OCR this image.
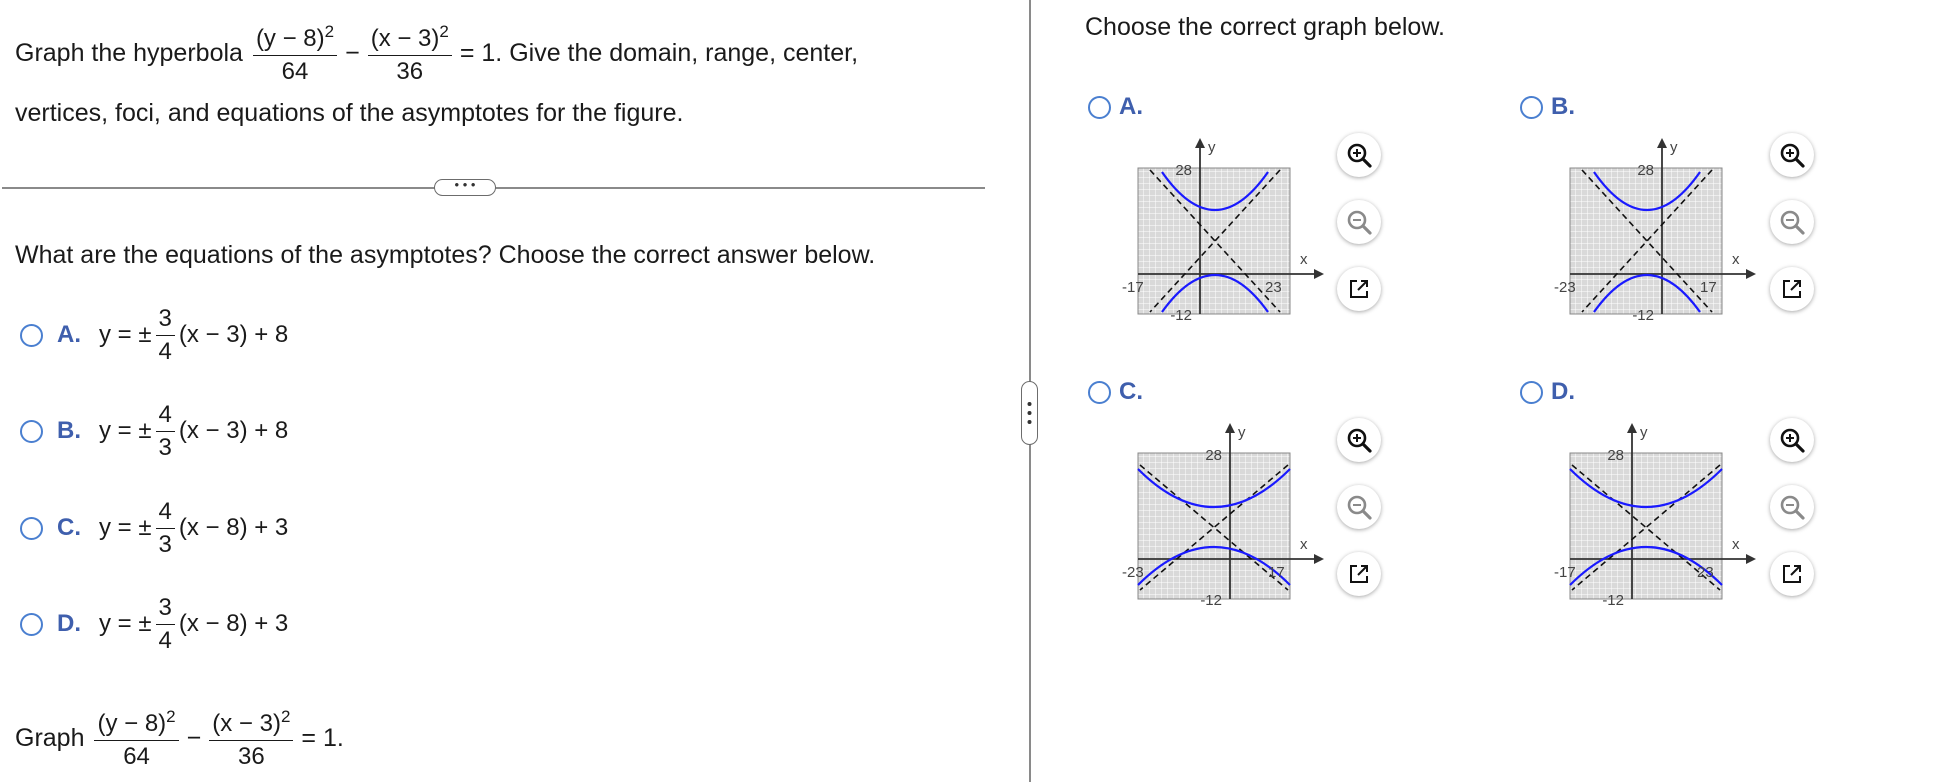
Graph the hyperbola $\frac{(y - 8)^2}{64} - \frac{(x - 3)^2}{36} = 1$. Give the domain, range, center,
vertices, foci, and equations of the asymptotes for the figure.
• • •
What are the equations of the asymptotes? Choose the correct answer below.
A. y = ± $\frac{3}{4} (x - 3) + 8$
B. y = ± $\frac{4}{3} (x - 3) + 8$
C. y = ± $\frac{4}{3} (x - 8) + 3$
D. y = ± $\frac{3}{4} (x - 8) + 3$
Graph $\frac{(y - 8)^2}{64} - \frac{(x - 3)^2}{36} = 1$.
Choose the correct graph below.
A.	B.
C.	D.
28
-17	23
-12
x
y
28
-23	17
-12
x
y
28
-23	17
-12
x
y
28
-17	23
-12
x
y
